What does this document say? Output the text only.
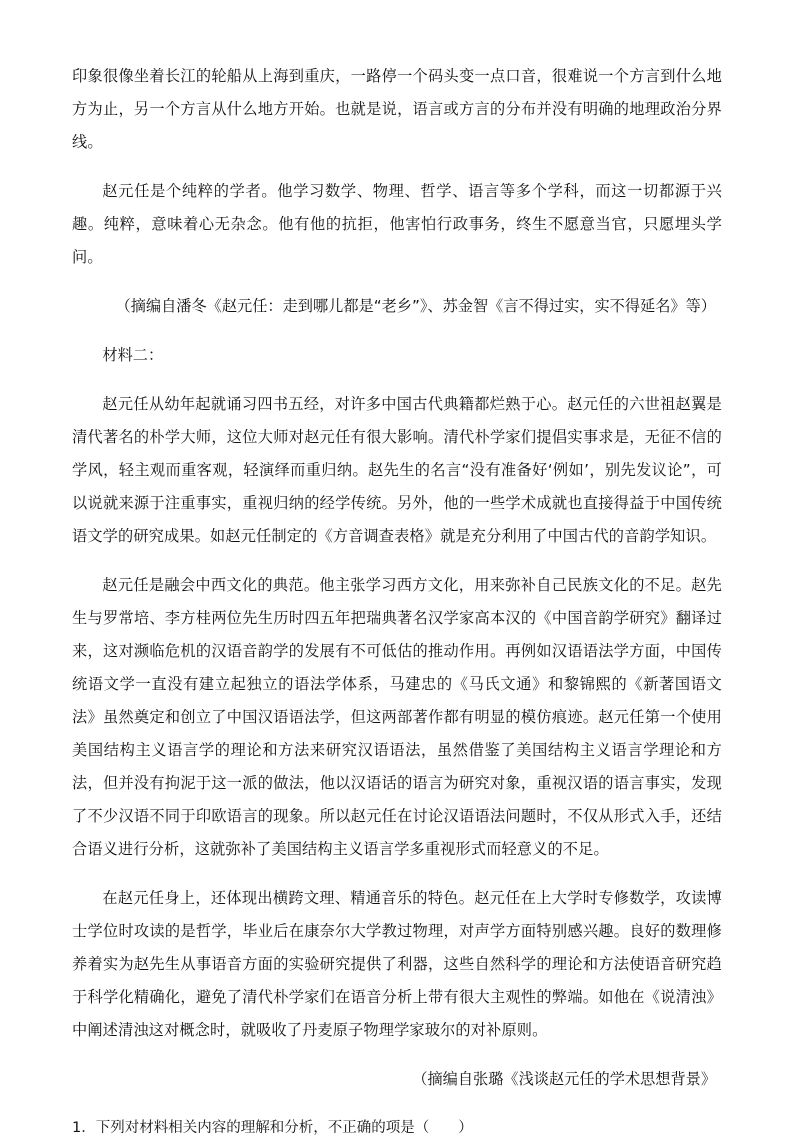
印象很像坐着长江的轮船从上海到重庆，一路停一个码头变一点口音，很难说一个方言到什么地方为止，另一个方言从什么地方开始。也就是说，语言或方言的分布并没有明确的地理政治分界线。

赵元任是个纯粹的学者。他学习数学、物理、哲学、语言等多个学科，而这一切都源于兴趣。纯粹，意味着心无杂念。他有他的抗拒，他害怕行政事务，终生不愿意当官，只愿埋头学问。

（摘编自潘冬《赵元任：走到哪儿都是“老乡”》、苏金智《言不得过实，实不得延名》等）

材料二：

赵元任从幼年起就诵习四书五经，对许多中国古代典籍都烂熟于心。赵元任的六世祖赵翼是清代著名的朴学大师，这位大师对赵元任有很大影响。清代朴学家们提倡实事求是，无征不信的学风，轻主观而重客观，轻演绎而重归纳。赵先生的名言“没有准备好‘例如’，别先发议论”，可以说就来源于注重事实，重视归纳的经学传统。另外，他的一些学术成就也直接得益于中国传统语文学的研究成果。如赵元任制定的《方音调查表格》就是充分利用了中国古代的音韵学知识。

赵元任是融会中西文化的典范。他主张学习西方文化，用来弥补自己民族文化的不足。赵先生与罗常培、李方桂两位先生历时四五年把瑞典著名汉学家高本汉的《中国音韵学研究》翻译过来，这对濒临危机的汉语音韵学的发展有不可低估的推动作用。再例如汉语语法学方面，中国传统语文学一直没有建立起独立的语法学体系，马建忠的《马氏文通》和黎锦熙的《新著国语文法》虽然奠定和创立了中国汉语语法学，但这两部著作都有明显的模仿痕迹。赵元任第一个使用美国结构主义语言学的理论和方法来研究汉语语法，虽然借鉴了美国结构主义语言学理论和方法，但并没有拘泥于这一派的做法，他以汉语话的语言为研究对象，重视汉语的语言事实，发现了不少汉语不同于印欧语言的现象。所以赵元任在讨论汉语语法问题时，不仅从形式入手，还结合语义进行分析，这就弥补了美国结构主义语言学多重视形式而轻意义的不足。

在赵元任身上，还体现出横跨文理、精通音乐的特色。赵元任在上大学时专修数学，攻读博士学位时攻读的是哲学，毕业后在康奈尔大学教过物理，对声学方面特别感兴趣。良好的数理修养着实为赵先生从事语音方面的实验研究提供了利器，这些自然科学的理论和方法使语音研究趋于科学化精确化，避免了清代朴学家们在语音分析上带有很大主观性的弊端。如他在《说清浊》中阐述清浊这对概念时，就吸收了丹麦原子物理学家玻尔的对补原则。

（摘编自张璐《浅谈赵元任的学术思想背景》

1．下列对材料相关内容的理解和分析，不正确的项是（　　）
